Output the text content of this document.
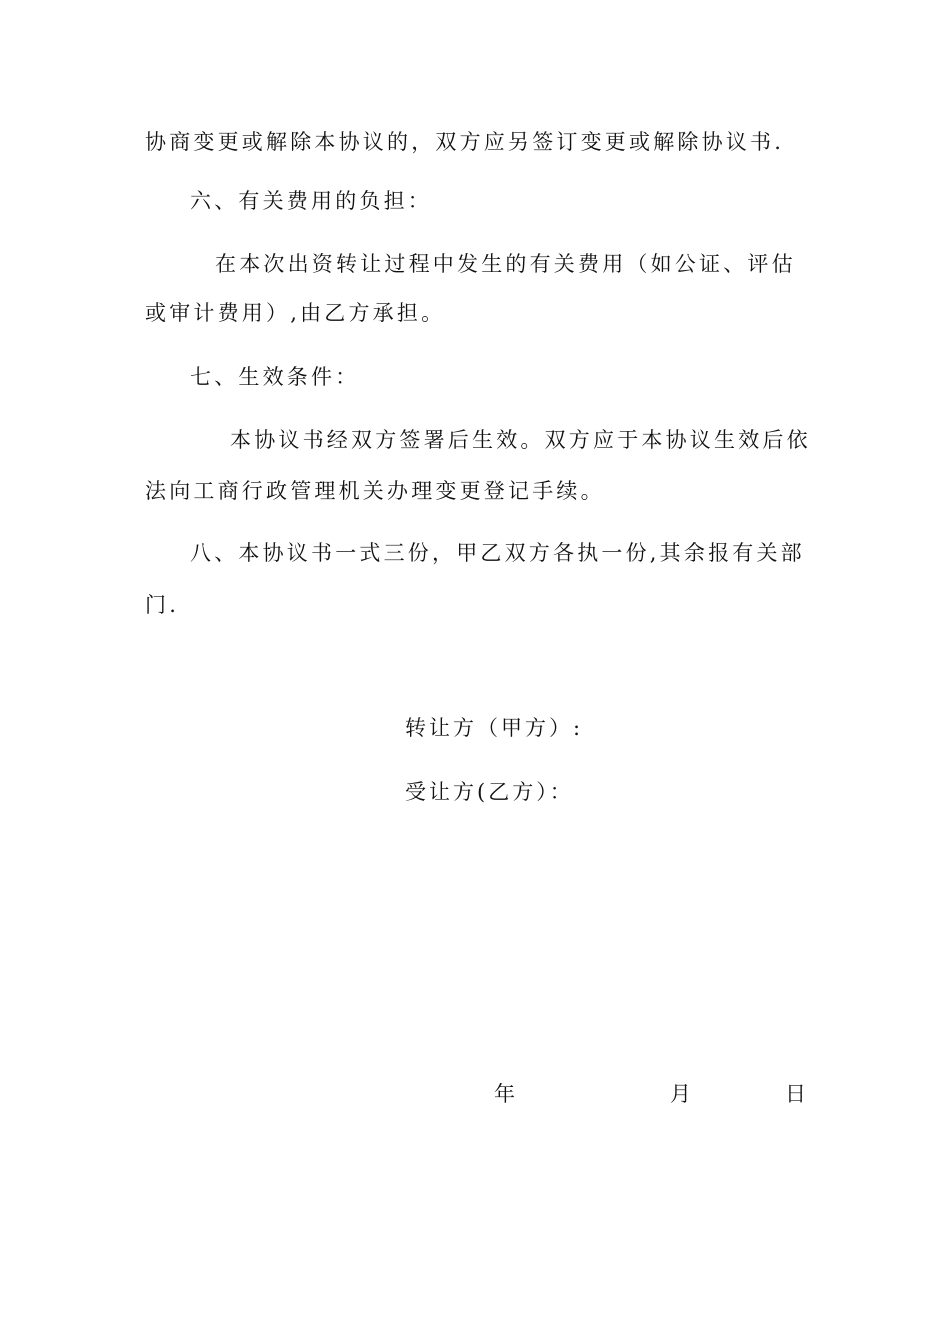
协商变更或解除本协议的，双方应另签订变更或解除协议书.
六、有关费用的负担：
在本次出资转让过程中发生的有关费用（如公证、评估
或审计费用）,由乙方承担。
七、生效条件：
本协议书经双方签署后生效。双方应于本协议生效后依
法向工商行政管理机关办理变更登记手续。
八、本协议书一式三份，甲乙双方各执一份,其余报有关部
门.
转让方（甲方）:
受让方(乙方）：
年	月	日
